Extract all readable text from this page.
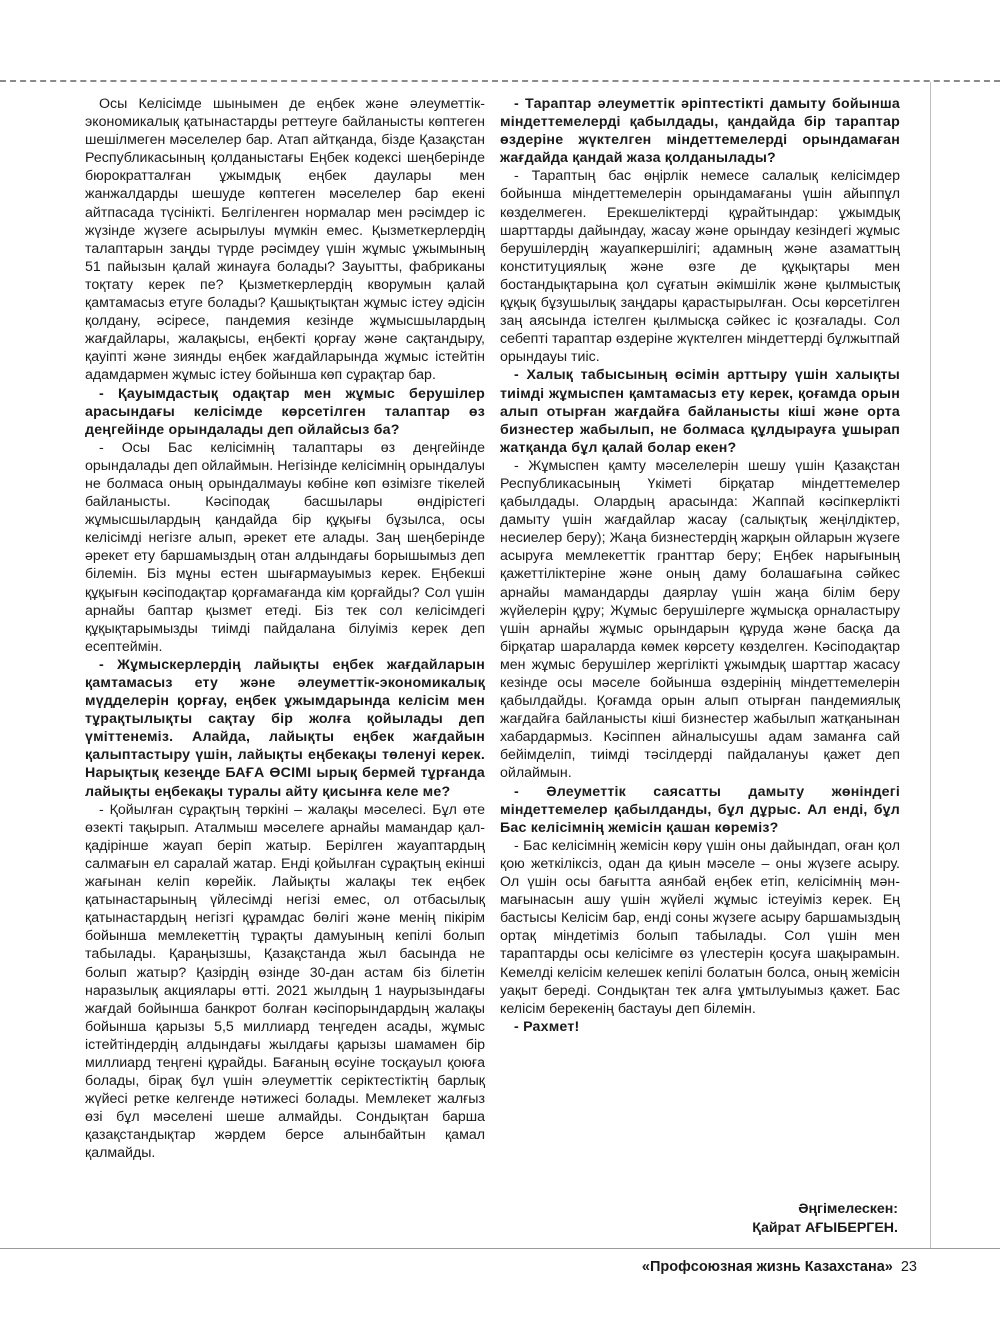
Осы Келісімде шынымен де еңбек және әлеуметтік-экономикалық қатынастарды реттеуге байланысты көптеген шешілмеген мәселелер бар. Атап айтқанда, бізде Қазақстан Республикасының қолданыстағы Еңбек кодексі шеңберінде бюрократталған ұжымдық еңбек даулары мен жанжалдарды шешуде көптеген мәселелер бар екені айтпасада түсінікті. Белгіленген нормалар мен рәсімдер іс жүзінде жүзеге асырылуы мүмкін емес. Қызметкерлердің талаптарын заңды түрде рәсімдеу үшін жұмыс ұжымының 51 пайызын қалай жинауға болады? Зауытты, фабриканы тоқтату керек пе? Қызметкерлердің кворумын қалай қамтамасыз етуге болады? Қашықтықтан жұмыс істеу әдісін қолдану, әсіресе, пандемия кезінде жұмысшылардың жағдайлары, жалақысы, еңбекті қорғау және сақтандыру, қауіпті және зиянды еңбек жағдайларында жұмыс істейтін адамдармен жұмыс істеу бойынша көп сұрақтар бар.

- Қауымдастық одақтар мен жұмыс берушілер арасындағы келісімде көрсетілген талаптар өз деңгейінде орындалады деп ойлайсыз ба?

- Осы Бас келісімнің талаптары өз деңгейінде орындалады деп ойлаймын. Негізінде келісімнің орындалуы не болмаса оның орындалмауы көбіне көп өзімізге тікелей байланысты. Кәсіподақ басшылары өндірістегі жұмысшылардың қандайда бір құқығы бұзылса, осы келісімді негізге алып, әрекет ете алады. Заң шеңберінде әрекет ету баршамыздың отан алдындағы борышымыз деп білемін. Біз мұны естен шығармауымыз керек. Еңбекші құқығын кәсіподақтар қорғамағанда кім қорғайды? Сол үшін арнайы баптар қызмет етеді. Біз тек сол келісімдегі құқықтарымызды тиімді пайдалана білуіміз керек деп есептеймін.

- Жұмыскерлердің лайықты еңбек жағдайларын қамтамасыз ету және әлеуметтік-экономикалық мүдделерін қорғау, еңбек ұжымдарында келісім мен тұрақтылықты сақтау бір жолға қойылады деп үміттенеміз. Алайда, лайықты еңбек жағдайын қалыптастыру үшін, лайықты еңбекақы төленуі керек. Нарықтық кезеңде БАҒА ӨСІМІ ырық бермей тұрғанда лайықты еңбекақы туралы айту қисынға келе ме?

- Қойылған сұрақтың төркіні – жалақы мәселесі. Бұл өте өзекті тақырып. Аталмыш мәселеге арнайы мамандар қал-қадірінше жауап беріп жатыр. Берілген жауаптардың салмағын ел саралай жатар. Енді қойылған сұрақтың екінші жағынан келіп көрейік. Лайықты жалақы тек еңбек қатынастарының үйлесімді негізі емес, ол отбасылық қатынастардың негізгі құрамдас бөлігі және менің пікірім бойынша мемлекеттің тұрақты дамуының кепілі болып табылады. Қараңызшы, Қазақстанда жыл басында не болып жатыр? Қазірдің өзінде 30-дан астам біз білетін наразылық акциялары өтті. 2021 жылдың 1 наурызындағы жағдай бойынша банкрот болған кәсіпорындардың жалақы бойынша қарызы 5,5 миллиард теңгеден асады, жұмыс істейтіндердің алдындағы жылдағы қарызы шамамен бір миллиард теңгені құрайды. Бағаның өсуіне тосқауыл қоюға болады, бірақ бұл үшін әлеуметтік серіктестіктің барлық жүйесі ретке келгенде нәтижесі болады. Мемлекет жалғыз өзі бұл мәселені шеше алмайды. Сондықтан барша қазақстандықтар жәрдем берсе алынбайтын қамал қалмайды.

- Тараптар әлеуметтік әріптестікті дамыту бойынша міндеттемелерді қабылдады, қандайда бір тараптар өздеріне жүктелген міндеттемелерді орындамаған жағдайда қандай жаза қолданылады?

- Тараптың бас өңірлік немесе салалық келісімдер бойынша міндеттемелерін орындамағаны үшін айыппұл көзделмеген. Ерекшеліктерді құрайтындар: ұжымдық шарттарды дайындау, жасау және орындау кезіндегі жұмыс берушілердің жауапкершілігі; адамның және азаматтың конституциялық және өзге де құқықтары мен бостандықтарына қол сұғатын әкімшілік және қылмыстық құқық бұзушылық заңдары қарастырылған. Осы көрсетілген заң аясында істелген қылмысқа сәйкес іс қозғалады. Сол себепті тараптар өздеріне жүктелген міндеттерді бұлжытпай орындауы тиіс.

- Халық табысының өсімін арттыру үшін халықты тиімді жұмыспен қамтамасыз ету керек, қоғамда орын алып отырған жағдайға байланысты кіші және орта бизнестер жабылып, не болмаса құлдырауға ұшырап жатқанда бұл қалай болар екен?

- Жұмыспен қамту мәселелерін шешу үшін Қазақстан Республикасының Үкіметі бірқатар міндеттемелер қабылдады. Олардың арасында: Жаппай кәсіпкерлікті дамыту үшін жағдайлар жасау (салықтық жеңілдіктер, несиелер беру); Жаңа бизнестердің жарқын ойларын жүзеге асыруға мемлекеттік гранттар беру; Еңбек нарығының қажеттіліктеріне және оның даму болашағына сәйкес арнайы мамандарды даярлау үшін жаңа білім беру жүйелерін құру; Жұмыс берушілерге жұмысқа орналастыру үшін арнайы жұмыс орындарын құруда және басқа да бірқатар шараларда көмек көрсету көзделген. Кәсіподақтар мен жұмыс берушілер жергілікті ұжымдық шарттар жасасу кезінде осы мәселе бойынша өздерінің міндеттемелерін қабылдайды. Қоғамда орын алып отырған пандемиялық жағдайға байланысты кіші бизнестер жабылып жатқанынан хабардармыз. Кәсіппен айналысушы адам заманға сай бейімделіп, тиімді тәсілдерді пайдалануы қажет деп ойлаймын.

- Әлеуметтік саясатты дамыту жөніндегі міндеттемелер қабылданды, бұл дұрыс. Ал енді, бұл Бас келісімнің жемісін қашан көреміз?

- Бас келісімнің жемісін көру үшін оны дайындап, оған қол қою жеткіліксіз, одан да қиын мәселе – оны жүзеге асыру. Ол үшін осы бағытта аянбай еңбек етіп, келісімнің мән-мағынасын ашу үшін жүйелі жұмыс істеуіміз керек. Ең бастысы Келісім бар, енді соны жүзеге асыру баршамыздың ортақ міндетіміз болып табылады. Сол үшін мен тараптарды осы келісімге өз үлестерін қосуға шақырамын. Кемелді келісім келешек кепілі болатын болса, оның жемісін уақыт береді. Сондықтан тек алға ұмтылуымыз қажет. Бас келісім берекенің бастауы деп білемін.

- Рахмет!

Әңгімелескен:
Қайрат АҒЫБЕРГЕН.
«Профсоюзная жизнь Казахстана» 23
